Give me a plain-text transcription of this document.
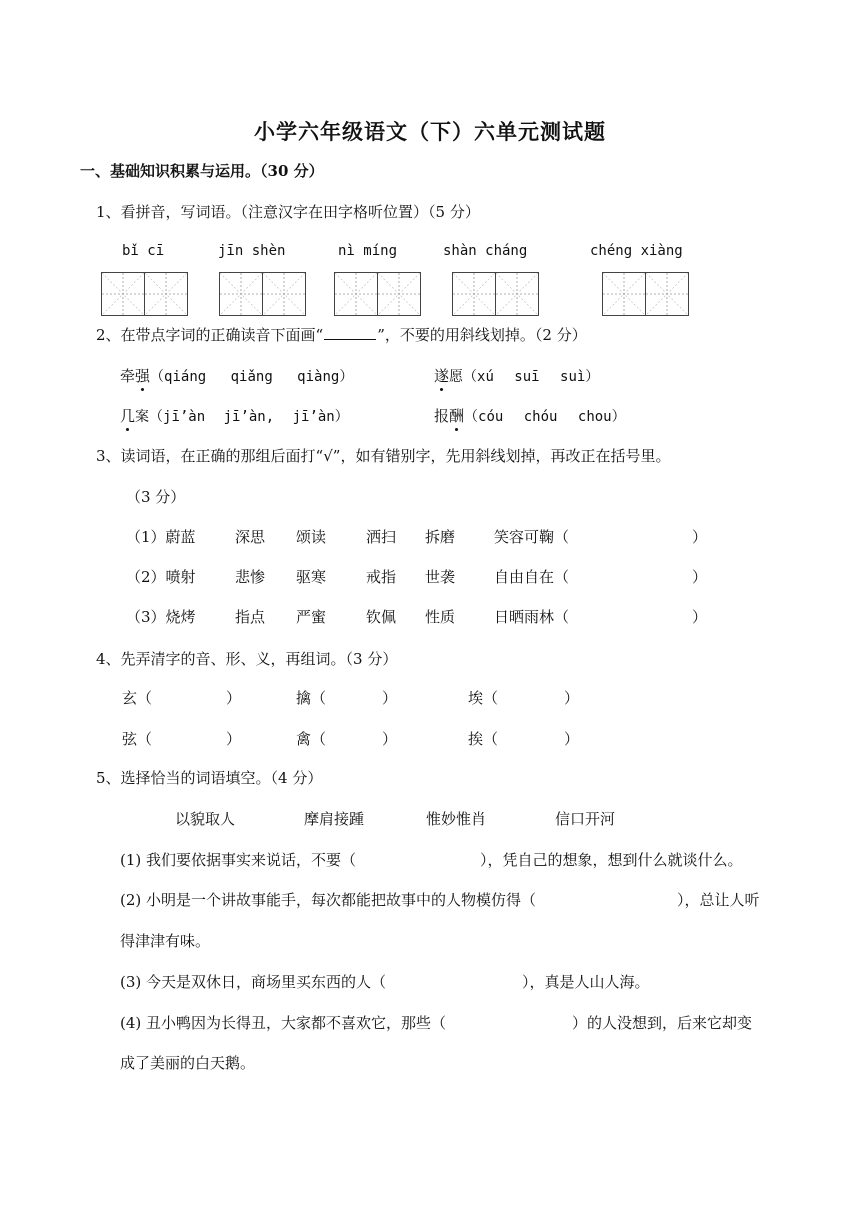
小学六年级语文（下）六单元测试题
一、基础知识积累与运用。（30 分）
1、看拼音，写词语。（注意汉字在田字格听位置）（5 分）
bǐ cī	jīn shèn	nì míng	shàn cháng	chéng xiàng
2、在带点字词的正确读音下面画“	”，不要的用斜线划掉。（2 分）
牵强（qiáng qiǎng qiàng）	遂愿（xú suī suì）
几案（jī’àn jī’àn, jī’àn）	报酬（cóu chóu chou）
3、读词语，在正确的那组后面打“√”，如有错别字，先用斜线划掉，再改正在括号里。
（3 分）
（1）蔚蓝	深思 颂读	洒扫 拆磨	笑容可鞠（	）
（2）喷射	悲惨 驱寒	戒指 世袭	自由自在（	）
（3）烧烤	指点 严蜜	钦佩 性质	日晒雨林（	）
4、先弄清字的音、形、义，再组词。（3 分）
玄（	）	擒（	）	埃（	）
弦（	）	禽（	）	挨（	）
5、选择恰当的词语填空。（4 分）
以貌取人	摩肩接踵	惟妙惟肖	信口开河
(1) 我们要依据事实来说话，不要（	），凭自己的想象，想到什么就谈什么。
(2) 小明是一个讲故事能手，每次都能把故事中的人物模仿得（	），总让人听
得津津有味。
(3) 今天是双休日，商场里买东西的人（	），真是人山人海。
(4) 丑小鸭因为长得丑，大家都不喜欢它，那些（	）的人没想到，后来它却变
成了美丽的白天鹅。
